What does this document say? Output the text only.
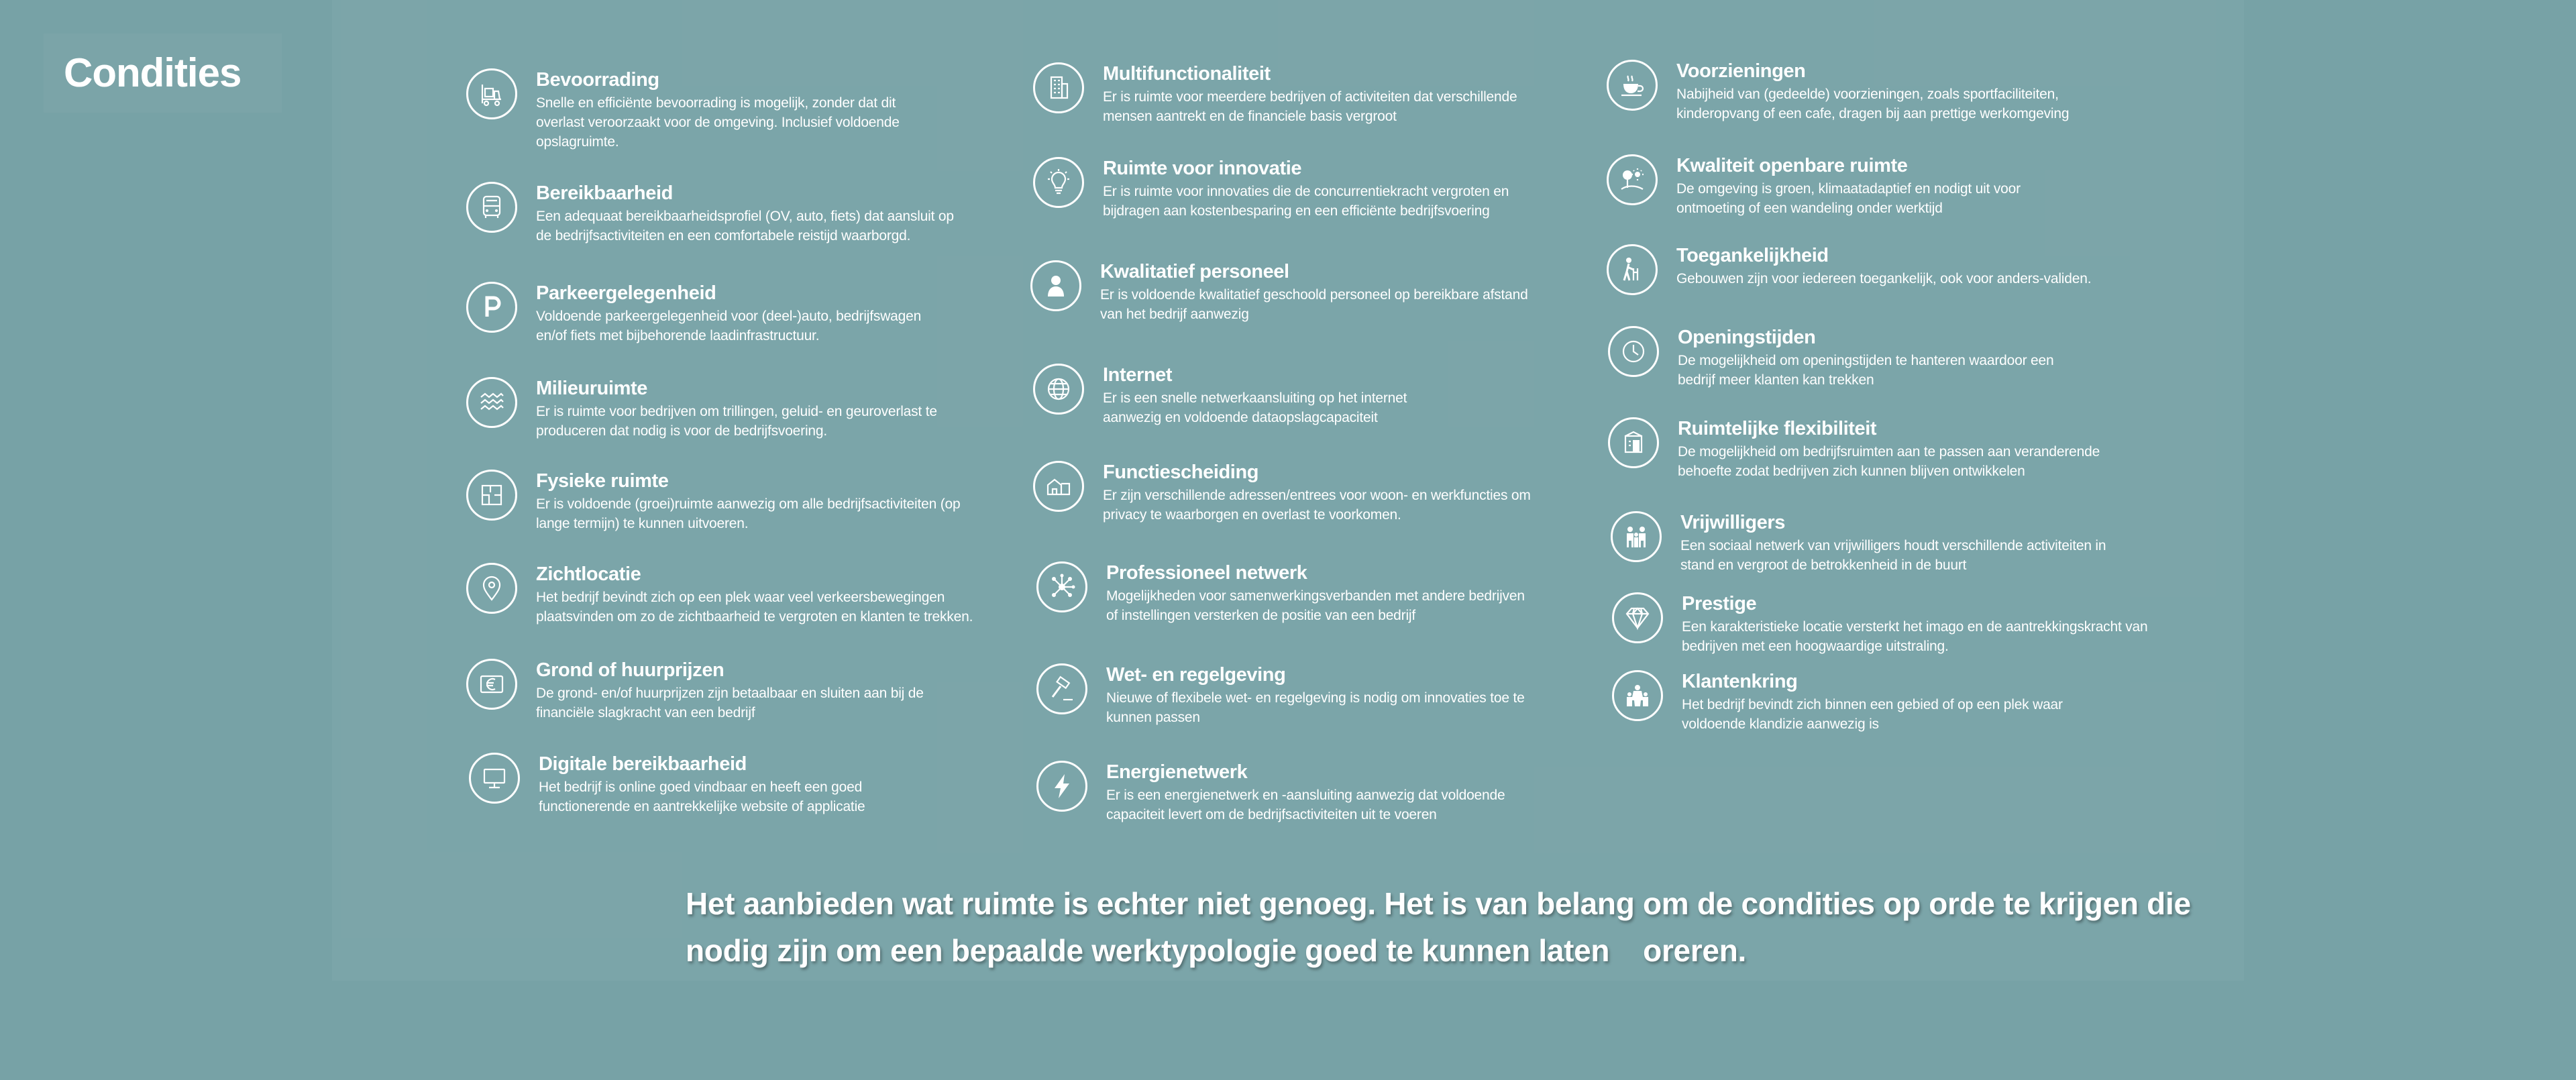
Condities	Bevoorrading
Snelle en efficiënte bevoorrading is mogelijk, zonder dat dit overlast veroorzaakt voor de omgeving. Inclusief voldoende opslagruimte.
Bereikbaarheid
Een adequaat bereikbaarheidsprofiel (OV, auto, fiets) dat aansluit op de bedrijfsactiviteiten en een comfortabele reistijd waarborgd.
Parkeergelegenheid
Voldoende parkeergelegenheid voor (deel-)auto, bedrijfswagen en/of fiets met bijbehorende laadinfrastructuur.
Milieuruimte
Er is ruimte voor bedrijven om trillingen, geluid- en geuroverlast te produceren dat nodig is voor de bedrijfsvoering.
Fysieke ruimte
Er is voldoende (groei)ruimte aanwezig om alle bedrijfsactiviteiten (op lange termijn) te kunnen uitvoeren.
Zichtlocatie
Het bedrijf bevindt zich op een plek waar veel verkeersbewegingen plaatsvinden om zo de zichtbaarheid te vergroten en klanten te trekken.
Grond of huurprijzen
De grond- en/of huurprijzen zijn betaalbaar en sluiten aan bij de financiële slagkracht van een bedrijf
Digitale bereikbaarheid
Het bedrijf is online goed vindbaar en heeft een goed functionerende en aantrekkelijke website of applicatie
Multifunctionaliteit
Er is ruimte voor meerdere bedrijven of activiteiten dat verschillende mensen aantrekt en de financiele basis vergroot
Ruimte voor innovatie
Er is ruimte voor innovaties die de concurrentiekracht vergroten en bijdragen aan kostenbesparing en een efficiënte bedrijfsvoering
Kwalitatief personeel
Er is voldoende kwalitatief geschoold personeel op bereikbare afstand van het bedrijf aanwezig
Internet
Er is een snelle netwerkaansluiting op het internet aanwezig en voldoende dataopslagcapaciteit
Functiescheiding
Er zijn verschillende adressen/entrees voor woon- en werkfuncties om privacy te waarborgen en overlast te voorkomen.
Professioneel netwerk
Mogelijkheden voor samenwerkingsverbanden met andere bedrijven of instellingen versterken de positie van een bedrijf
Wet- en regelgeving
Nieuwe of flexibele wet- en regelgeving is nodig om innovaties toe te kunnen passen
Energienetwerk
Er is een energienetwerk en -aansluiting aanwezig dat voldoende capaciteit levert om de bedrijfsactiviteiten uit te voeren
Voorzieningen
Nabijheid van (gedeelde) voorzieningen, zoals sportfaciliteiten, kinderopvang of een cafe, dragen bij aan prettige werkomgeving
Kwaliteit openbare ruimte
De omgeving is groen, klimaatadaptief en nodigt uit voor ontmoeting of een wandeling onder werktijd
Toegankelijkheid
Gebouwen zijn voor iedereen toegankelijk, ook voor anders-validen.
Openingstijden
De mogelijkheid om openingstijden te hanteren waardoor een bedrijf meer klanten kan trekken
Ruimtelijke flexibiliteit
De mogelijkheid om bedrijfsruimten aan te passen aan veranderende behoefte zodat bedrijven zich kunnen blijven ontwikkelen
Vrijwilligers
Een sociaal netwerk van vrijwilligers houdt verschillende activiteiten in stand en vergroot de betrokkenheid in de buurt
Prestige
Een karakteristieke locatie versterkt het imago en de aantrekkingskracht van bedrijven met een hoogwaardige uitstraling.
Klantenkring
Het bedrijf bevindt zich binnen een gebied of op een plek waar voldoende klandizie aanwezig is
Het aanbieden wat ruimte is echter niet genoeg. Het is van belang om de condities op orde te krijgen die nodig zijn om een bepaalde werktypologie goed te kunnen laten    oreren.
